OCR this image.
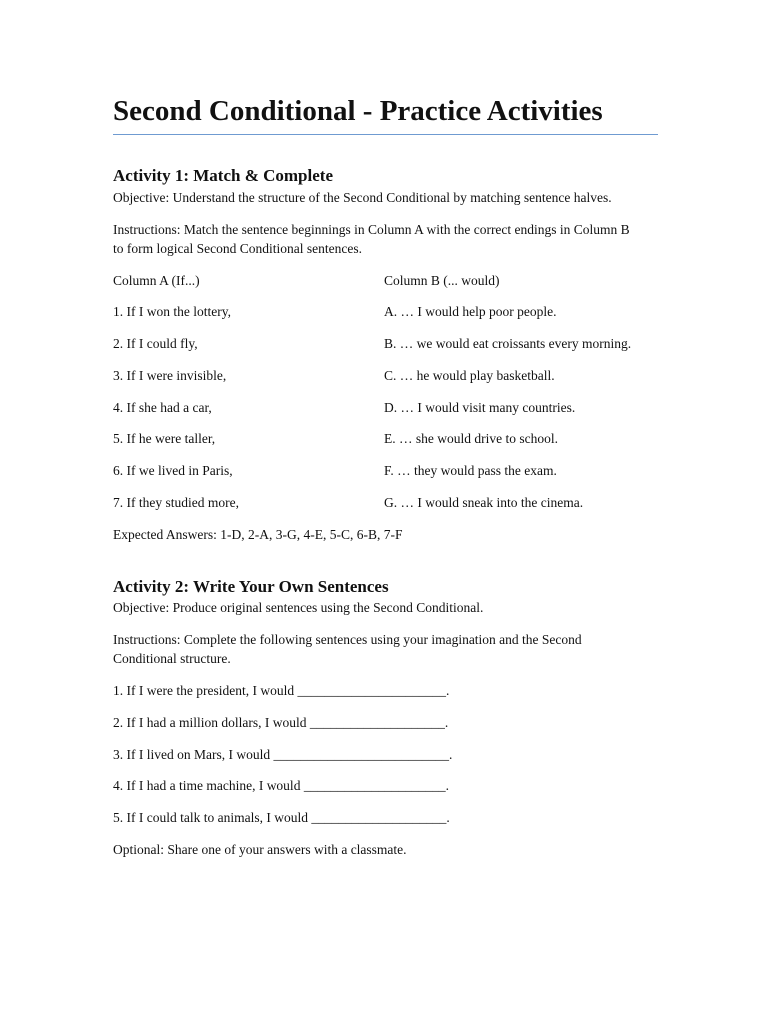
Second Conditional - Practice Activities
Activity 1: Match & Complete

Objective: Understand the structure of the Second Conditional by matching sentence halves.

Instructions: Match the sentence beginnings in Column A with the correct endings in Column B

to form logical Second Conditional sentences.

Column A (If...)	Column B (... would)

1. If I won the lottery,	A. … I would help poor people.

2. If I could fly,	B. … we would eat croissants every morning.

3. If I were invisible,	C. … he would play basketball.

4. If she had a car,	D. … I would visit many countries.

5. If he were taller,	E. … she would drive to school.

6. If we lived in Paris,	F. … they would pass the exam.

7. If they studied more,	G. … I would sneak into the cinema.

Expected Answers: 1-D, 2-A, 3-G, 4-E, 5-C, 6-B, 7-F

Activity 2: Write Your Own Sentences

Objective: Produce original sentences using the Second Conditional.

Instructions: Complete the following sentences using your imagination and the Second

Conditional structure.

1. If I were the president, I would ______________________.

2. If I had a million dollars, I would ____________________.

3. If I lived on Mars, I would __________________________.

4. If I had a time machine, I would _____________________.

5. If I could talk to animals, I would ____________________.

Optional: Share one of your answers with a classmate.
